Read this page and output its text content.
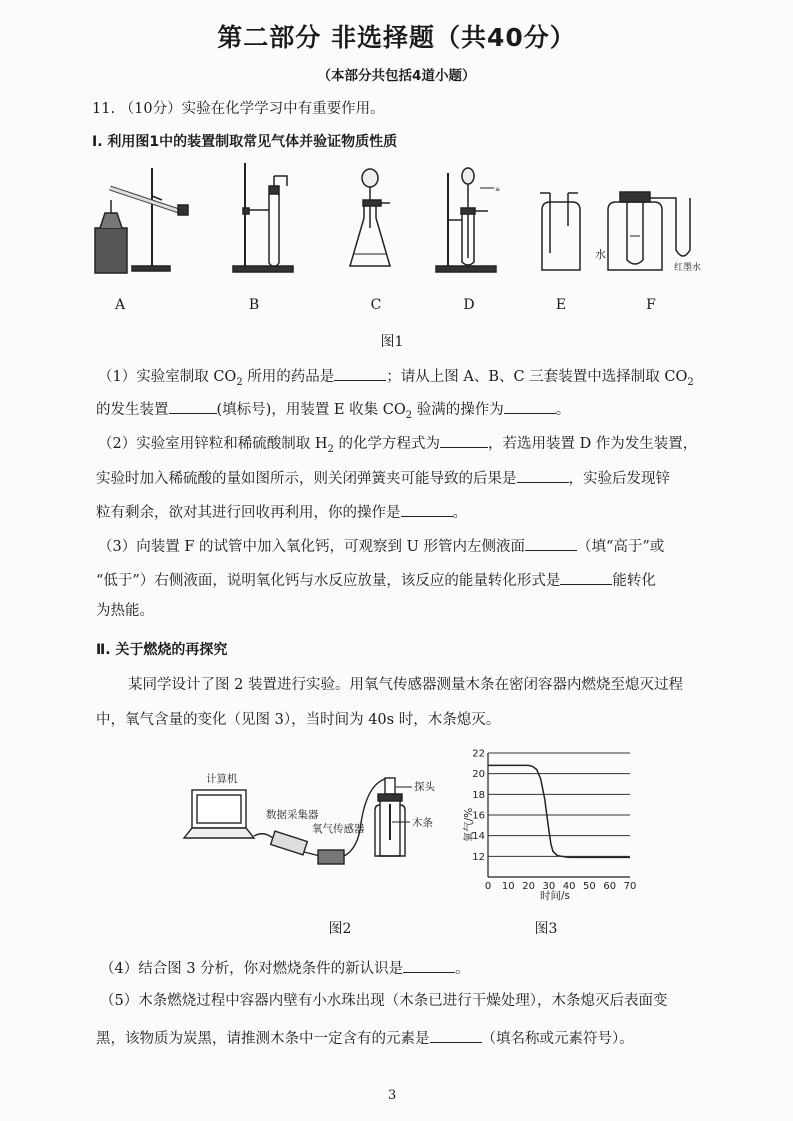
第二部分 非选择题（共40分）
（本部分共包括4道小题）
11. （10分）实验在化学学习中有重要作用。
Ⅰ. 利用图1中的装置制取常见气体并验证物质性质
≡
水
红墨水
A	B	C	D	E	F
图1
（1）实验室制取 $CO_2$ 所用的药品是	；请从上图 A、B、C 三套装置中选择制取 $CO_2$
的发生装置	(填标号)，用装置 E 收集 $CO_2$ 验满的操作为	。
（2）实验室用锌粒和稀硫酸制取 $H_2$ 的化学方程式为	，若选用装置 D 作为发生装置，
实验时加入稀硫酸的量如图所示，则关闭弹簧夹可能导致的后果是	，实验后发现锌
粒有剩余，欲对其进行回收再利用，你的操作是	。
（3）向装置 F 的试管中加入氧化钙，可观察到 U 形管内左侧液面	（填“高于”或
“低于”）右侧液面，说明氧化钙与水反应放量，该反应的能量转化形式是	能转化
为热能。
Ⅱ. 关于燃烧的再探究
某同学设计了图 2 装置进行实验。用氧气传感器测量木条在密闭容器内燃烧至熄灭过程
中，氧气含量的变化（见图 3），当时间为 40s 时，木条熄灭。
计算机
数据采集器
氧气传感器
探头
木条
图2
氧气/%
时间/s
12
14
16
18
20
22
0 10 20 30 40 50 60 70
图3
（4）结合图 3 分析，你对燃烧条件的新认识是	。
（5）木条燃烧过程中容器内壁有小水珠出现（木条已进行干燥处理），木条熄灭后表面变
黑，该物质为炭黑，请推测木条中一定含有的元素是	（填名称或元素符号）。
3
